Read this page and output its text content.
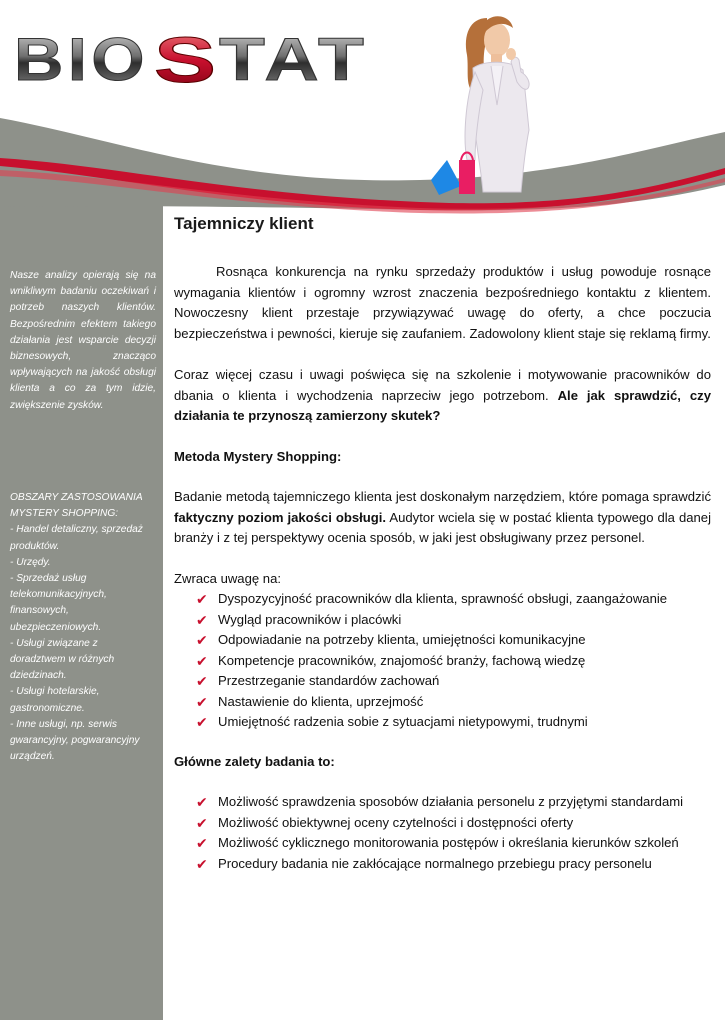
BIO S TAT
Nasze analizy opierają się na wnikliwym badaniu oczekiwań i potrzeb naszych klientów. Bezpośrednim efektem takiego działania jest wsparcie decyzji biznesowych, znacząco wpływających na jakość obsługi klienta a co za tym idzie, zwiększenie zysków.
OBSZARY ZASTOSOWANIA MYSTERY SHOPPING:
- Handel detaliczny, sprzedaż produktów.
- Urzędy.
- Sprzedaż usług telekomunikacyjnych, finansowych, ubezpieczeniowych.
- Usługi związane z doradztwem w różnych dziedzinach.
- Usługi hotelarskie, gastronomiczne.
- Inne usługi, np. serwis gwarancyjny, pogwarancyjny urządzeń.
Tajemniczy klient

Rosnąca konkurencja na rynku sprzedaży produktów i usług powoduje rosnące wymagania klientów i ogromny wzrost znaczenia bezpośredniego kontaktu z klientem. Nowoczesny klient przestaje przywiązywać uwagę do oferty, a chce poczucia bezpieczeństwa i pewności, kieruje się zaufaniem. Zadowolony klient staje się reklamą firmy.

Coraz więcej czasu i uwagi poświęca się na szkolenie i motywowanie pracowników do dbania o klienta i wychodzenia naprzeciw jego potrzebom. Ale jak sprawdzić, czy działania te przynoszą zamierzony skutek?

Metoda Mystery Shopping:

Badanie metodą tajemniczego klienta jest doskonałym narzędziem, które pomaga sprawdzić faktyczny poziom jakości obsługi. Audytor wciela się w postać klienta typowego dla danej branży i z tej perspektywy ocenia sposób, w jaki jest obsługiwany przez personel.

Zwraca uwagę na:

✔ Dyspozycyjność pracowników dla klienta, sprawność obsługi, zaangażowanie
✔ Wygląd pracowników i placówki
✔ Odpowiadanie na potrzeby klienta, umiejętności komunikacyjne
✔ Kompetencje pracowników, znajomość branży, fachową wiedzę
✔ Przestrzeganie standardów zachowań
✔ Nastawienie do klienta, uprzejmość
✔ Umiejętność radzenia sobie z sytuacjami nietypowymi, trudnymi

Główne zalety badania to:

✔ Możliwość sprawdzenia sposobów działania personelu z przyjętymi standardami
✔ Możliwość obiektywnej oceny czytelności i dostępności oferty
✔ Możliwość cyklicznego monitorowania postępów i określania kierunków szkoleń
✔ Procedury badania nie zakłócające normalnego przebiegu pracy personelu
